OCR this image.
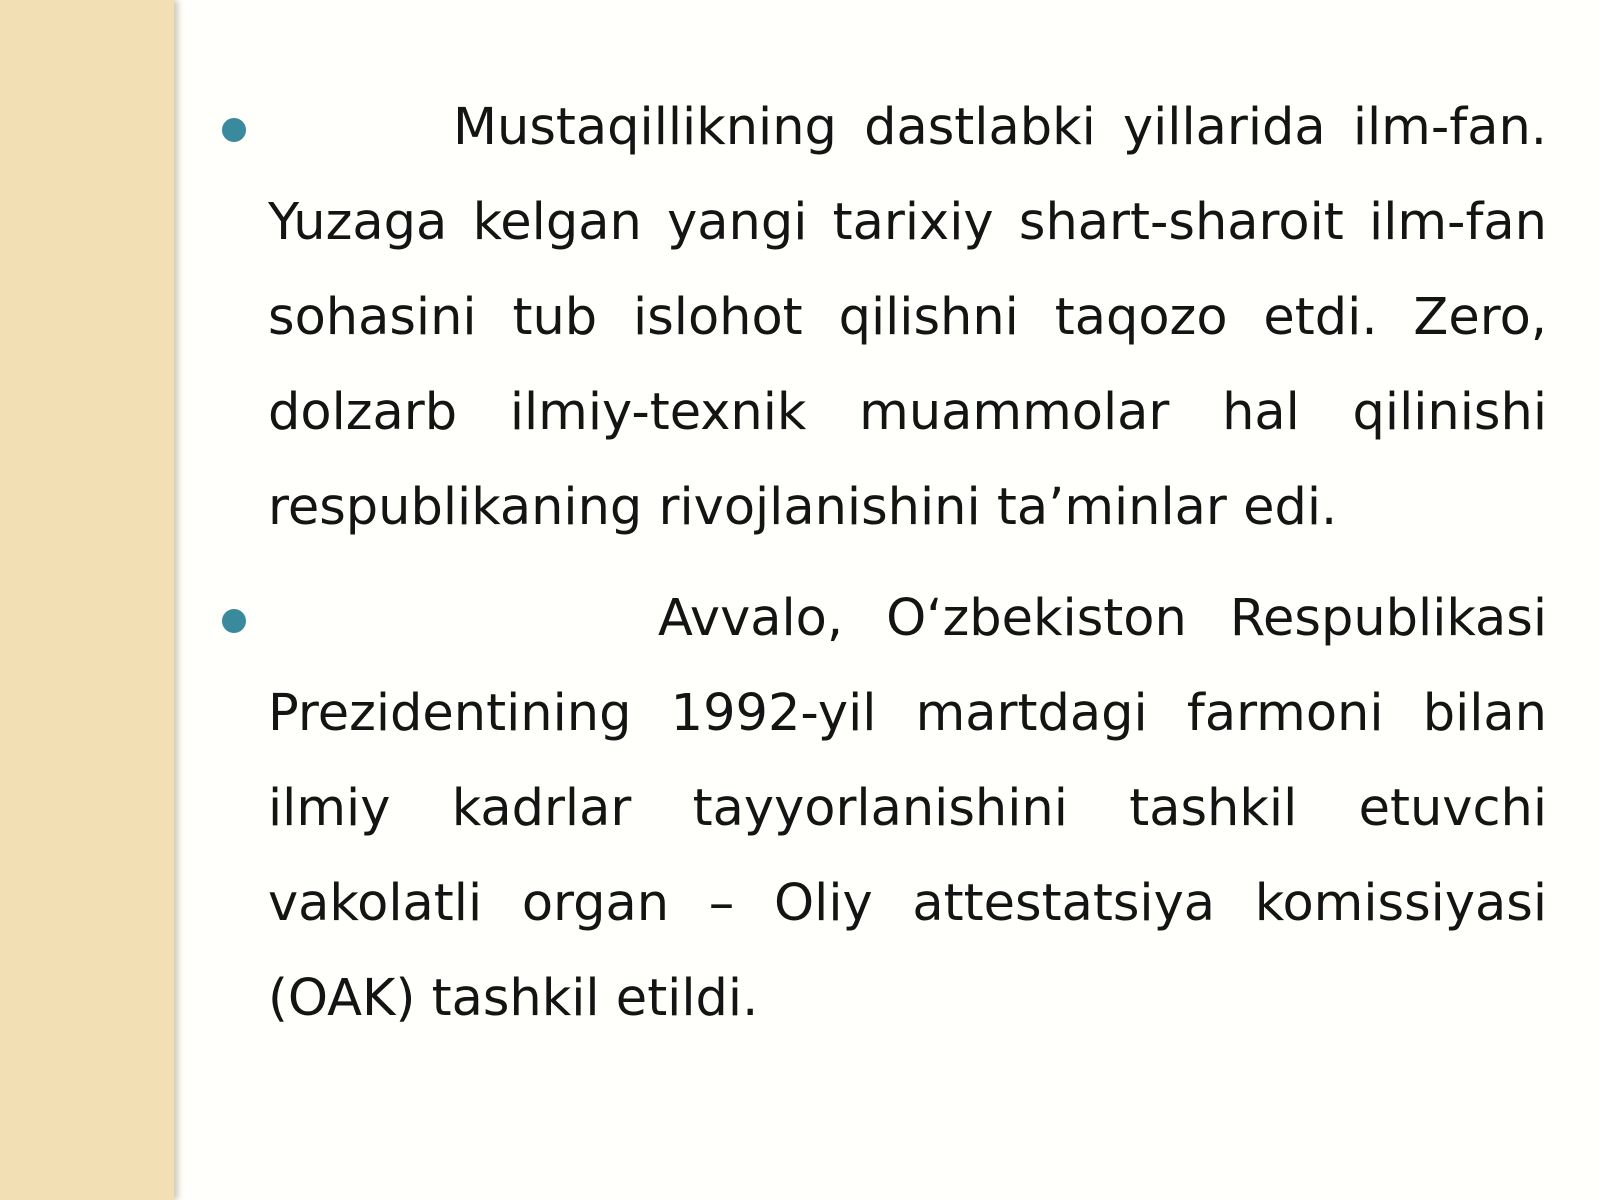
Mustaqillikning dastlabki yillarida ilm-fan. Yuzaga kelgan yangi tarixiy shart-sharoit ilm-fan sohasini tub islohot qilishni taqozo etdi. Zero, dolzarb ilmiy-texnik muammolar hal qilinishi respublikaning rivojlanishini ta’minlar edi.
Avvalo, O‘zbekiston Respublikasi Prezidentining 1992-yil martdagi farmoni bilan ilmiy kadrlar tayyorlanishini tashkil etuvchi vakolatli organ – Oliy attestatsiya komissiyasi (OAK) tashkil etildi.
